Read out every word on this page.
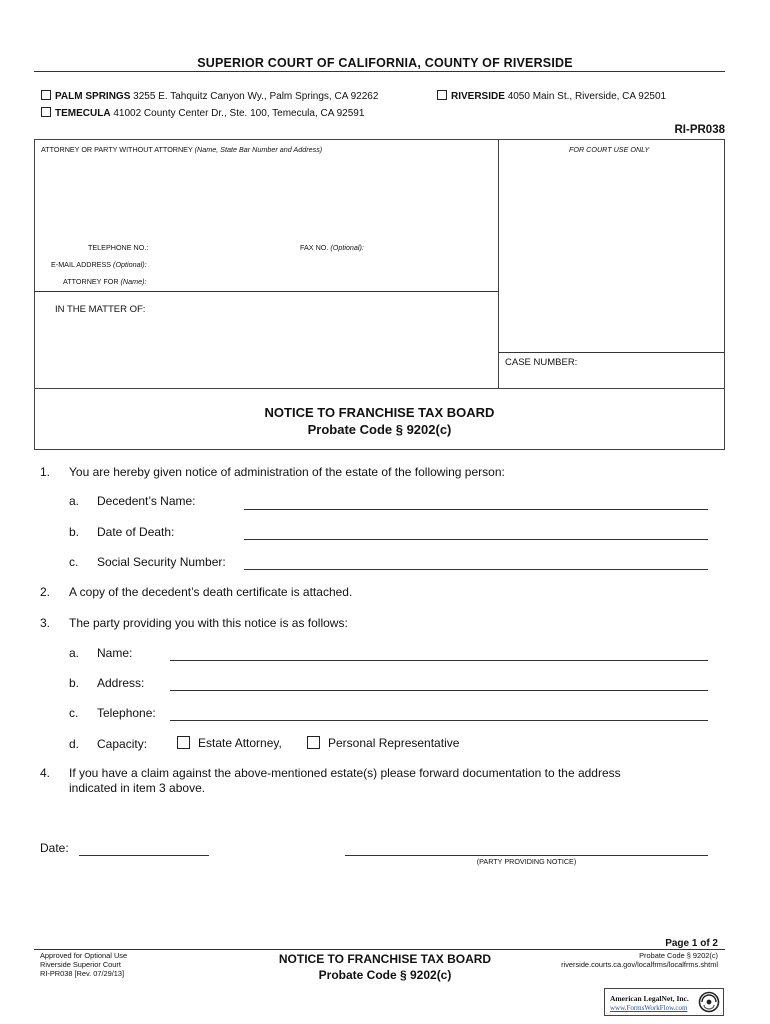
SUPERIOR COURT OF CALIFORNIA, COUNTY OF RIVERSIDE
PALM SPRINGS 3255 E. Tahquitz Canyon Wy., Palm Springs, CA 92262	RIVERSIDE 4050 Main St., Riverside, CA 92501
TEMECULA 41002 County Center Dr., Ste. 100, Temecula, CA 92591
RI-PR038
ATTORNEY OR PARTY WITHOUT ATTORNEY (Name, State Bar Number and Address)	FOR COURT USE ONLY
TELEPHONE NO.:	FAX NO. (Optional):
E-MAIL ADDRESS (Optional):
ATTORNEY FOR (Name):
IN THE MATTER OF:
CASE NUMBER:
NOTICE TO FRANCHISE TAX BOARD
Probate Code § 9202(c)
1. You are hereby given notice of administration of the estate of the following person:
a. Decedent’s Name:
b. Date of Death:
c. Social Security Number:
2. A copy of the decedent’s death certificate is attached.
3. The party providing you with this notice is as follows:
a. Name:
b. Address:
c. Telephone:
d. Capacity:	Estate Attorney,	Personal Representative
4. If you have a claim against the above-mentioned estate(s) please forward documentation to the address
indicated in item 3 above.
Date:
(PARTY PROVIDING NOTICE)
Approved for Optional Use
Riverside Superior Court
RI-PR038 [Rev. 07/29/13]
NOTICE TO FRANCHISE TAX BOARD
Probate Code § 9202(c)
Page 1 of 2
Probate Code § 9202(c)
riverside.courts.ca.gov/localfrms/localfrms.shtml
American LegalNet, Inc.
www.FormsWorkFlow.com
